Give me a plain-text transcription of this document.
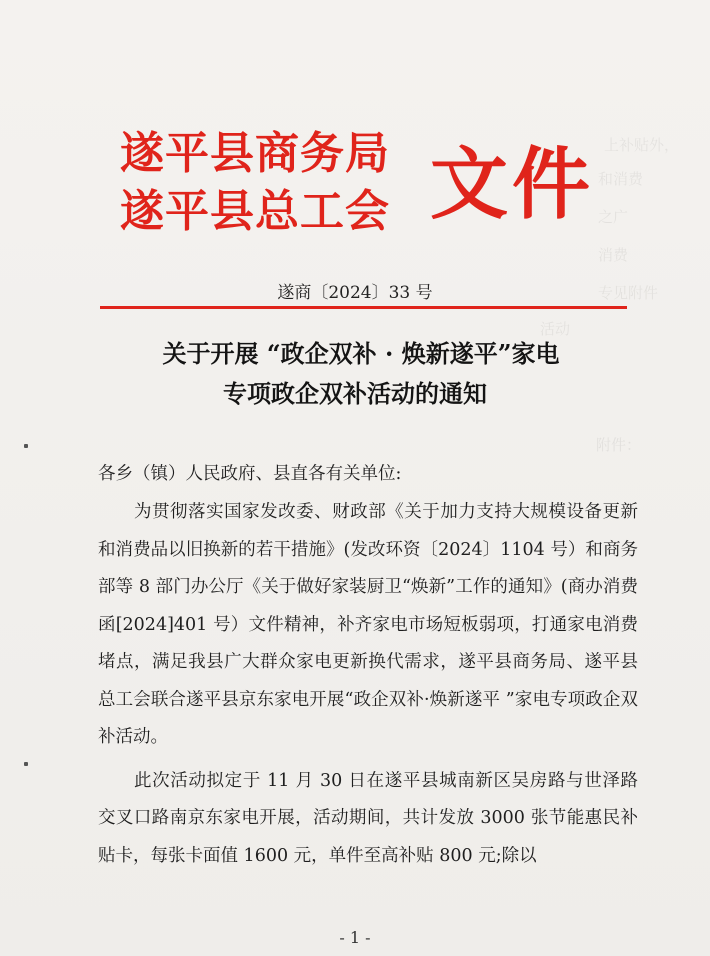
上补贴外，
和消费
之广
消费
专见附件
活动
附件：
遂平县商务局
遂平县总工会 文件
遂商〔2024〕33 号
关于开展 “政企双补 · 焕新遂平”家电
专项政企双补活动的通知
各乡（镇）人民政府、县直各有关单位:

为贯彻落实国家发改委、财政部《关于加力支持大规模设备更新和消费品以旧换新的若干措施》(发改环资〔2024〕1104 号）和商务部等 8 部门办公厅《关于做好家装厨卫“焕新”工作的通知》(商办消费函[2024]401 号）文件精神，补齐家电市场短板弱项，打通家电消费堵点，满足我县广大群众家电更新换代需求，遂平县商务局、遂平县总工会联合遂平县京东家电开展“政企双补·焕新遂平 ”家电专项政企双补活动。

此次活动拟定于 11 月 30 日在遂平县城南新区吴房路与世泽路交叉口路南京东家电开展，活动期间，共计发放 3000 张节能惠民补贴卡，每张卡面值 1600 元，单件至高补贴 800 元;除以

- 1 -
